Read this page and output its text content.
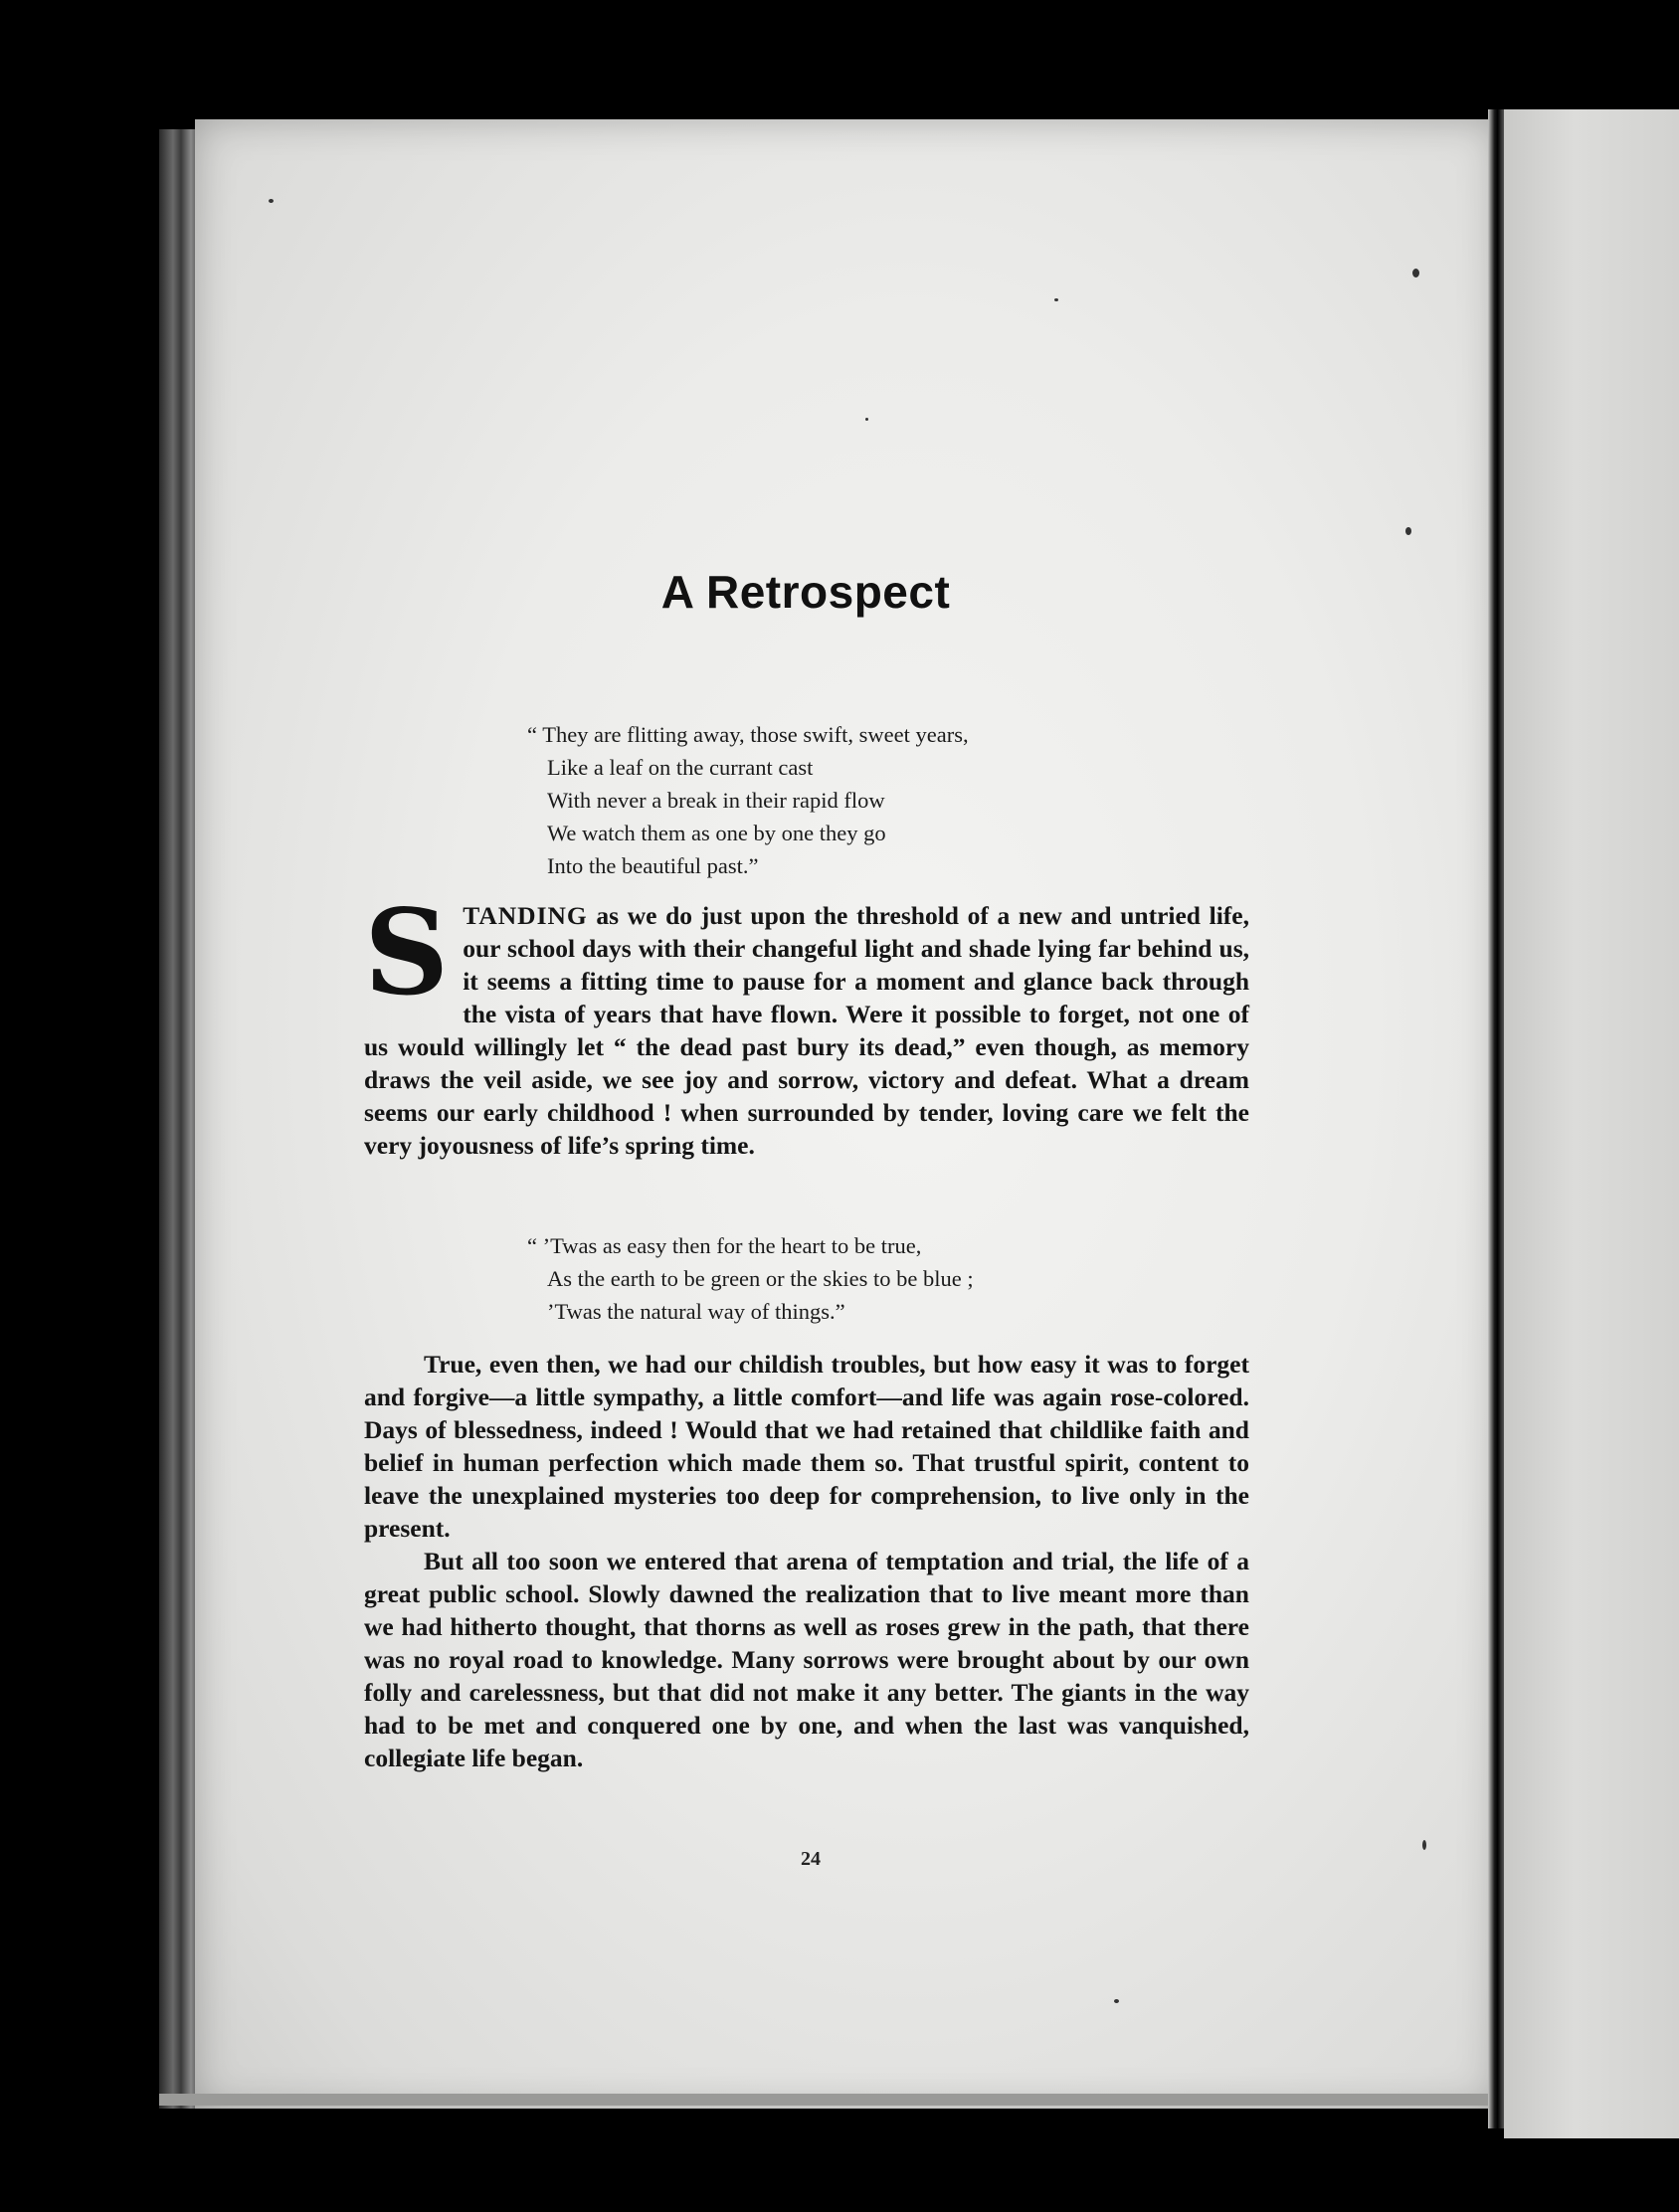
A Retrospect
“ They are flitting away, those swift, sweet years,
Like a leaf on the currant cast
With never a break in their rapid flow
We watch them as one by one they go
Into the beautiful past.”
S TANDING as we do just upon the threshold of a new and untried life, our school days with their changeful light and shade lying far behind us, it seems a fitting time to pause for a moment and glance back through the vista of years that have flown. Were it possible to forget, not one of us would willingly let “ the dead past bury its dead,” even though, as memory draws the veil aside, we see joy and sorrow, victory and defeat. What a dream seems our early childhood ! when surrounded by tender, loving care we felt the very joyousness of life’s spring time.

“ ’Twas as easy then for the heart to be true,
As the earth to be green or the skies to be blue ;
’Twas the natural way of things.”

True, even then, we had our childish troubles, but how easy it was to forget and forgive—a little sympathy, a little comfort—and life was again rose-colored. Days of blessedness, indeed ! Would that we had retained that childlike faith and belief in human perfection which made them so. That trustful spirit, content to leave the unexplained mysteries too deep for comprehension, to live only in the present.

But all too soon we entered that arena of temptation and trial, the life of a great public school. Slowly dawned the realization that to live meant more than we had hitherto thought, that thorns as well as roses grew in the path, that there was no royal road to knowledge. Many sorrows were brought about by our own folly and carelessness, but that did not make it any better. The giants in the way had to be met and conquered one by one, and when the last was vanquished, collegiate life began.

24
